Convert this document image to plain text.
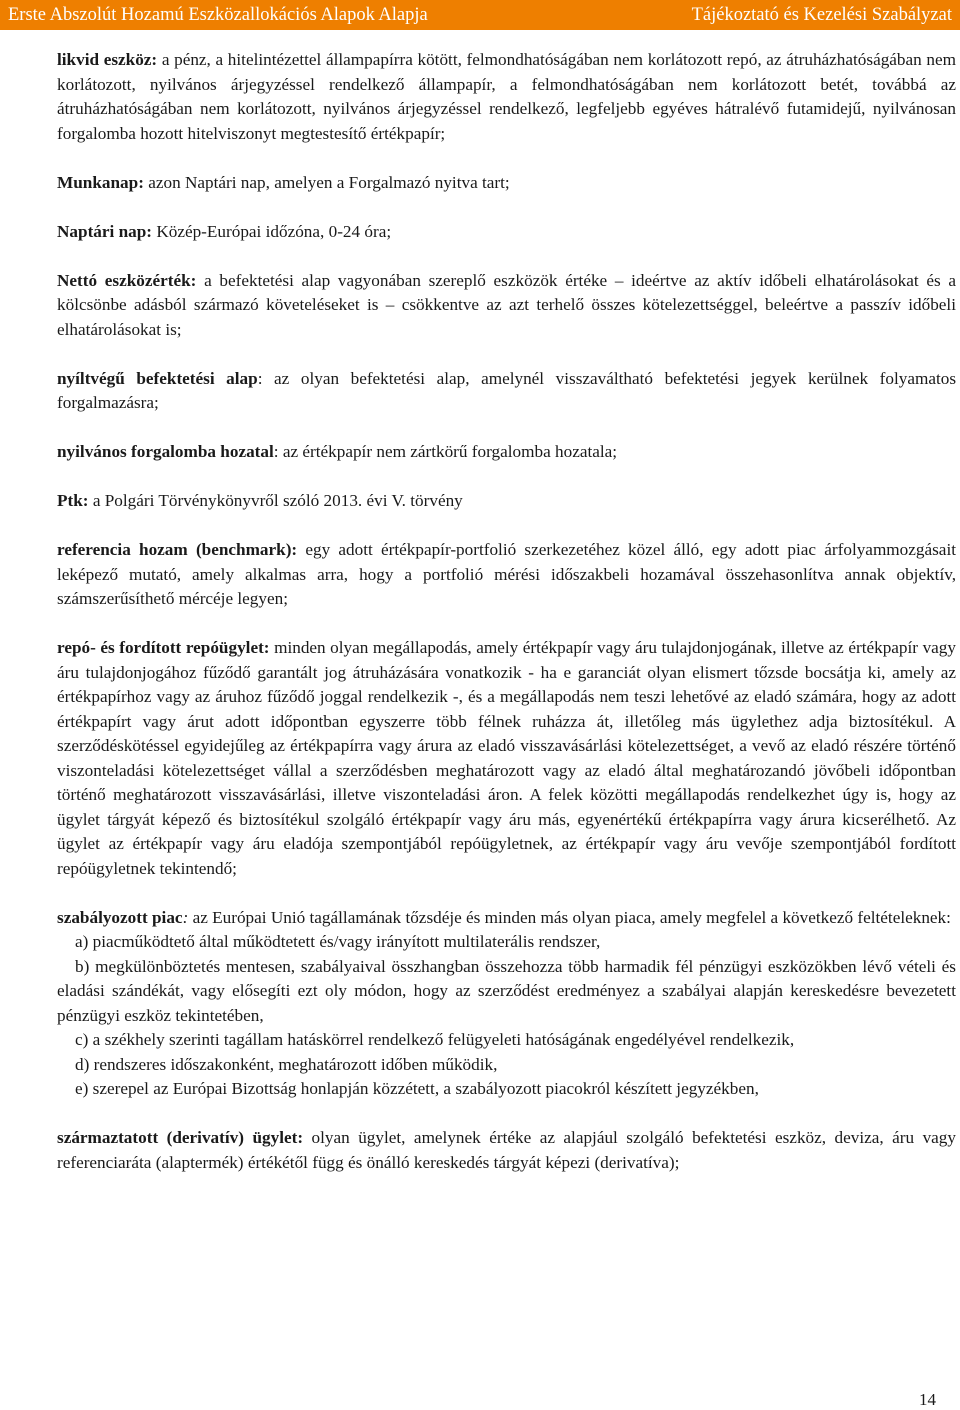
Erste Abszolút Hozamú Eszközallokációs Alapok Alapja	Tájékoztató és Kezelési Szabályzat

likvid eszköz: a pénz, a hitelintézettel állampapírra kötött, felmondhatóságában nem korlátozott repó, az átruházhatóságában nem korlátozott, nyilvános árjegyzéssel rendelkező állampapír, a felmondhatóságában nem korlátozott betét, továbbá az átruházhatóságában nem korlátozott, nyilvános árjegyzéssel rendelkező, legfeljebb egyéves hátralévő futamidejű, nyilvánosan forgalomba hozott hitelviszonyt megtestesítő értékpapír;

Munkanap: azon Naptári nap, amelyen a Forgalmazó nyitva tart;

Naptári nap: Közép-Európai időzóna, 0-24 óra;

Nettó eszközérték: a befektetési alap vagyonában szereplő eszközök értéke – ideértve az aktív időbeli elhatárolásokat és a kölcsönbe adásból származó követeléseket is – csökkentve az azt terhelő összes kötelezettséggel, beleértve a passzív időbeli elhatárolásokat is;

nyíltvégű befektetési alap: az olyan befektetési alap, amelynél visszaváltható befektetési jegyek kerülnek folyamatos forgalmazásra;

nyilvános forgalomba hozatal: az értékpapír nem zártkörű forgalomba hozatala;

Ptk: a Polgári Törvénykönyvről szóló 2013. évi V. törvény

referencia hozam (benchmark): egy adott értékpapír-portfolió szerkezetéhez közel álló, egy adott piac árfolyammozgásait leképező mutató, amely alkalmas arra, hogy a portfolió mérési időszakbeli hozamával összehasonlítva annak objektív, számszerűsíthető mércéje legyen;

repó- és fordított repóügylet: minden olyan megállapodás, amely értékpapír vagy áru tulajdonjogának, illetve az értékpapír vagy áru tulajdonjogához fűződő garantált jog átruházására vonatkozik - ha e garanciát olyan elismert tőzsde bocsátja ki, amely az értékpapírhoz vagy az áruhoz fűződő joggal rendelkezik -, és a megállapodás nem teszi lehetővé az eladó számára, hogy az adott értékpapírt vagy árut adott időpontban egyszerre több félnek ruházza át, illetőleg más ügylethez adja biztosítékul. A szerződéskötéssel egyidejűleg az értékpapírra vagy árura az eladó visszavásárlási kötelezettséget, a vevő az eladó részére történő viszonteladási kötelezettséget vállal a szerződésben meghatározott vagy az eladó által meghatározandó jövőbeli időpontban történő meghatározott visszavásárlási, illetve viszonteladási áron. A felek közötti megállapodás rendelkezhet úgy is, hogy az ügylet tárgyát képező és biztosítékul szolgáló értékpapír vagy áru más, egyenértékű értékpapírra vagy árura kicserélhető. Az ügylet az értékpapír vagy áru eladója szempontjából repóügyletnek, az értékpapír vagy áru vevője szempontjából fordított repóügyletnek tekintendő;

szabályozott piac: az Európai Unió tagállamának tőzsdéje és minden más olyan piaca, amely megfelel a következő feltételeknek:

a) piacműködtető által működtetett és/vagy irányított multilaterális rendszer,

b) megkülönböztetés mentesen, szabályaival összhangban összehozza több harmadik fél pénzügyi eszközökben lévő vételi és eladási szándékát, vagy elősegíti ezt oly módon, hogy az szerződést eredményez a szabályai alapján kereskedésre bevezetett pénzügyi eszköz tekintetében,

c) a székhely szerinti tagállam hatáskörrel rendelkező felügyeleti hatóságának engedélyével rendelkezik,

d) rendszeres időszakonként, meghatározott időben működik,

e) szerepel az Európai Bizottság honlapján közzétett, a szabályozott piacokról készített jegyzékben,

származtatott (derivatív) ügylet: olyan ügylet, amelynek értéke az alapjául szolgáló befektetési eszköz, deviza, áru vagy referenciaráta (alaptermék) értékétől függ és önálló kereskedés tárgyát képezi (derivatíva);

14
